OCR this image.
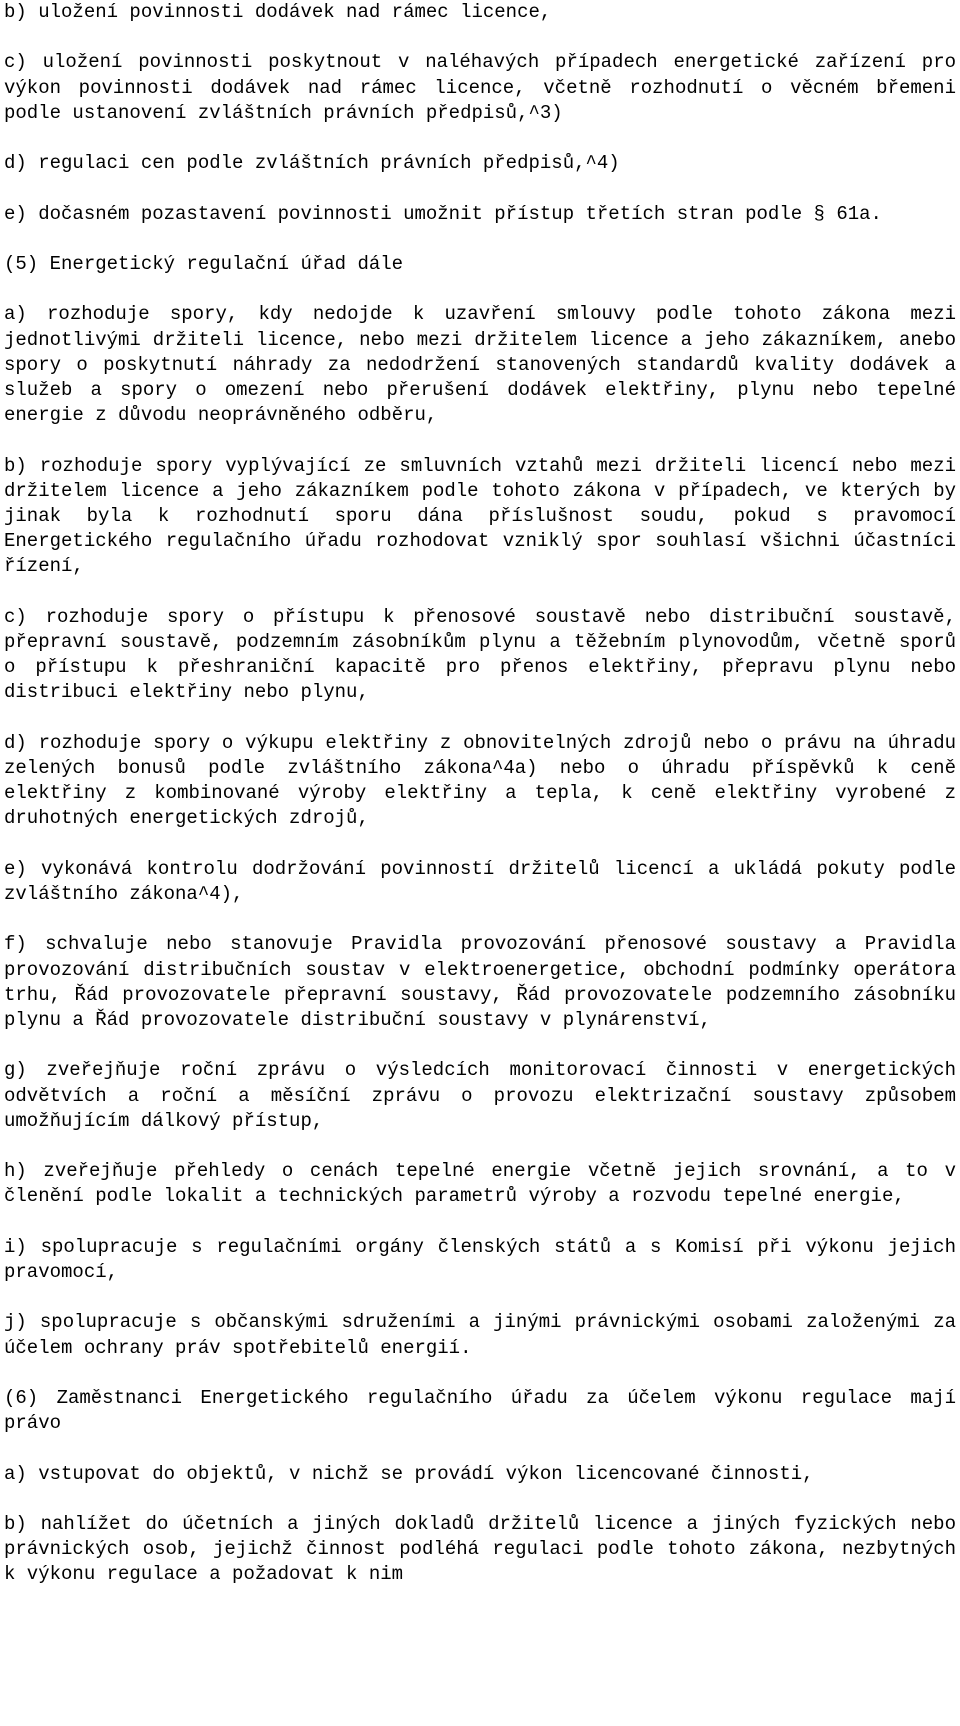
b) uložení povinnosti dodávek nad rámec licence,

c) uložení povinnosti poskytnout v naléhavých případech energetické zařízení pro výkon povinnosti dodávek nad rámec licence, včetně rozhodnutí o věcném břemeni podle ustanovení zvláštních právních předpisů,^3)

d) regulaci cen podle zvláštních právních předpisů,^4)

e) dočasném pozastavení povinnosti umožnit přístup třetích stran podle § 61a.

(5) Energetický regulační úřad dále

a) rozhoduje spory, kdy nedojde k uzavření smlouvy podle tohoto zákona mezi jednotlivými držiteli licence, nebo mezi držitelem licence a jeho zákazníkem, anebo spory o poskytnutí náhrady za nedodržení stanovených standardů kvality dodávek a služeb a spory o omezení nebo přerušení dodávek elektřiny, plynu nebo tepelné energie z důvodu neoprávněného odběru,

b) rozhoduje spory vyplývající ze smluvních vztahů mezi držiteli licencí nebo mezi držitelem licence a jeho zákazníkem podle tohoto zákona v případech, ve kterých by jinak byla k rozhodnutí sporu dána příslušnost soudu, pokud s pravomocí Energetického regulačního úřadu rozhodovat vzniklý spor souhlasí všichni účastníci řízení,

c) rozhoduje spory o přístupu k přenosové soustavě nebo distribuční soustavě, přepravní soustavě, podzemním zásobníkům plynu a těžebním plynovodům, včetně sporů o přístupu k přeshraniční kapacitě pro přenos elektřiny, přepravu plynu nebo distribuci elektřiny nebo plynu,

d) rozhoduje spory o výkupu elektřiny z obnovitelných zdrojů nebo o právu na úhradu zelených bonusů podle zvláštního zákona^4a) nebo o úhradu příspěvků k ceně elektřiny z kombinované výroby elektřiny a tepla, k ceně elektřiny vyrobené z druhotných energetických zdrojů,

e) vykonává kontrolu dodržování povinností držitelů licencí a ukládá pokuty podle zvláštního zákona^4),

f) schvaluje nebo stanovuje Pravidla provozování přenosové soustavy a Pravidla provozování distribučních soustav v elektroenergetice, obchodní podmínky operátora trhu, Řád provozovatele přepravní soustavy, Řád provozovatele podzemního zásobníku plynu a Řád provozovatele distribuční soustavy v plynárenství,

g) zveřejňuje roční zprávu o výsledcích monitorovací činnosti v energetických odvětvích a roční a měsíční zprávu o provozu elektrizační soustavy způsobem umožňujícím dálkový přístup,

h) zveřejňuje přehledy o cenách tepelné energie včetně jejich srovnání, a to v členění podle lokalit a technických parametrů výroby a rozvodu tepelné energie,

i) spolupracuje s regulačními orgány členských států a s Komisí při výkonu jejich pravomocí,

j) spolupracuje s občanskými sdruženími a jinými právnickými osobami založenými za účelem ochrany práv spotřebitelů energií.

(6) Zaměstnanci Energetického regulačního úřadu za účelem výkonu regulace mají právo

a) vstupovat do objektů, v nichž se provádí výkon licencované činnosti,

b) nahlížet do účetních a jiných dokladů držitelů licence a jiných fyzických nebo právnických osob, jejichž činnost podléhá regulaci podle tohoto zákona, nezbytných k výkonu regulace a požadovat k nim
